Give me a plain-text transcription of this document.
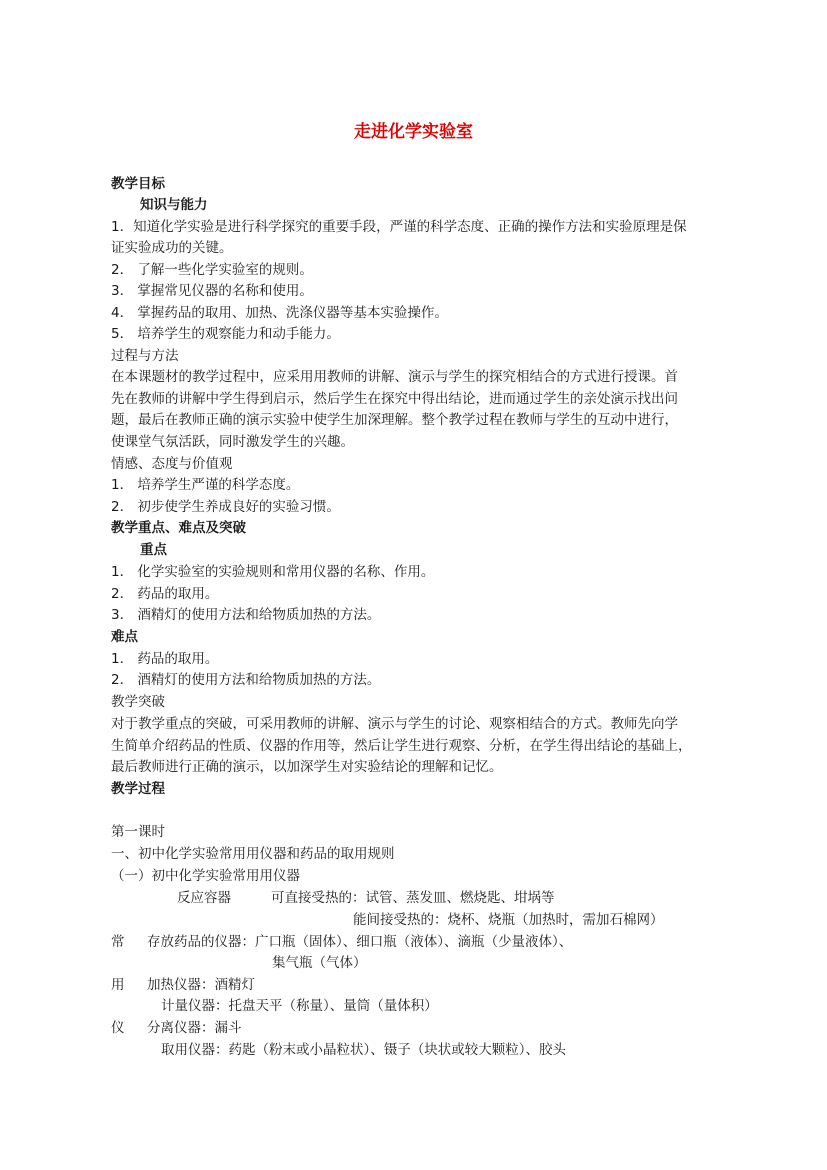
走进化学实验室
教学目标
知识与能力
1．知道化学实验是进行科学探究的重要手段，严谨的科学态度、正确的操作方法和实验原理是保
证实验成功的关键。
2． 了解一些化学实验室的规则。
3． 掌握常见仪器的名称和使用。
4． 掌握药品的取用、加热、洗涤仪器等基本实验操作。
5． 培养学生的观察能力和动手能力。
过程与方法
在本课题材的教学过程中，应采用用教师的讲解、演示与学生的探究相结合的方式进行授课。首
先在教师的讲解中学生得到启示，然后学生在探究中得出结论，进而通过学生的亲处演示找出问
题，最后在教师正确的演示实验中使学生加深理解。整个教学过程在教师与学生的互动中进行，
使课堂气氛活跃，同时激发学生的兴趣。
情感、态度与价值观
1． 培养学生严谨的科学态度。
2． 初步使学生养成良好的实验习惯。
教学重点、难点及突破
重点
1． 化学实验室的实验规则和常用仪器的名称、作用。
2． 药品的取用。
3． 酒精灯的使用方法和给物质加热的方法。
难点
1． 药品的取用。
2． 酒精灯的使用方法和给物质加热的方法。
教学突破
对于教学重点的突破，可采用教师的讲解、演示与学生的讨论、观察相结合的方式。教师先向学
生简单介绍药品的性质、仪器的作用等，然后让学生进行观察、分析，在学生得出结论的基础上，
最后教师进行正确的演示，以加深学生对实验结论的理解和记忆。
教学过程
第一课时
一、初中化学实验常用用仪器和药品的取用规则
（一）初中化学实验常用用仪器
反应容器	可直接受热的：试管、蒸发皿、燃烧匙、坩埚等
能间接受热的：烧杯、烧瓶（加热时，需加石棉网）
常 存放药品的仪器：广口瓶（固体）、细口瓶（液体）、滴瓶（少量液体）、
集气瓶（气体）
用 加热仪器：酒精灯
计量仪器：托盘天平（称量）、量筒（量体积）
仪 分离仪器：漏斗
取用仪器：药匙（粉末或小晶粒状）、镊子（块状或较大颗粒）、胶头
